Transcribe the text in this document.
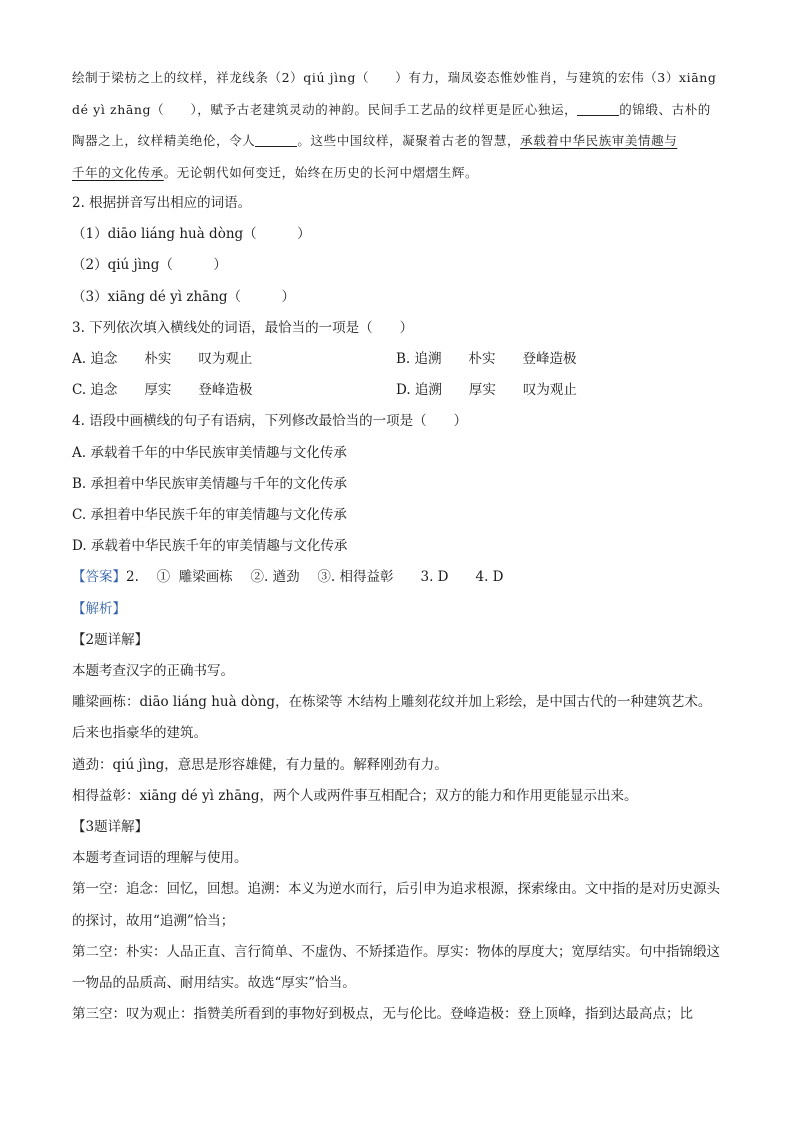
绘制于梁枋之上的纹样，祥龙线条（2）qiú jìng（　　）有力，瑞凤姿态惟妙惟肖，与建筑的宏伟（3）xiāng

dé yì zhāng（　　），赋予古老建筑灵动的神韵。民间手工艺品的纹样更是匠心独运，	的锦缎、古朴的

陶器之上，纹样精美绝伦，令人	。这些中国纹样，凝聚着古老的智慧，承载着中华民族审美情趣与

千年的文化传承。无论朝代如何变迁，始终在历史的长河中熠熠生辉。

2. 根据拼音写出相应的词语。
（1）diāo liáng huà dòng（　　　）
（2）qiú jìng（　　　）
（3）xiāng dé yì zhāng（　　　）
3. 下列依次填入横线处的词语，最恰当的一项是（　　）
A. 追念　　朴实　　叹为观止	B. 追溯　　朴实　　登峰造极
C. 追念　　厚实　　登峰造极	D. 追溯　　厚实　　叹为观止
4. 语段中画横线的句子有语病，下列修改最恰当的一项是（　　）
A. 承载着千年的中华民族审美情趣与文化传承
B. 承担着中华民族审美情趣与千年的文化传承
C. 承担着中华民族千年的审美情趣与文化传承
D. 承载着中华民族千年的审美情趣与文化传承
【答案】2.　 ①  雕梁画栋　 ②. 遒劲　 ③. 相得益彰　　3. D　　4. D
【解析】
【2题详解】
本题考查汉字的正确书写。
雕梁画栋：diāo liáng huà dòng，在栋梁等 木结构上雕刻花纹并加上彩绘，是中国古代的一种建筑艺术。后来也指豪华的建筑。
遒劲：qiú jìng，意思是形容雄健，有力量的。解释刚劲有力。
相得益彰：xiāng dé yì zhāng，两个人或两件事互相配合；双方的能力和作用更能显示出来。
【3题详解】
本题考查词语的理解与使用。
第一空：追念：回忆，回想。追溯：本义为逆水而行，后引申为追求根源，探索缘由。文中指的是对历史源头的探讨，故用“追溯”恰当；
第二空：朴实：人品正直、言行简单、不虚伪、不矫揉造作。厚实：物体的厚度大；宽厚结实。句中指锦缎这一物品的品质高、耐用结实。故选“厚实”恰当。
第三空：叹为观止：指赞美所看到的事物好到极点，无与伦比。登峰造极：登上顶峰，指到达最高点；比
